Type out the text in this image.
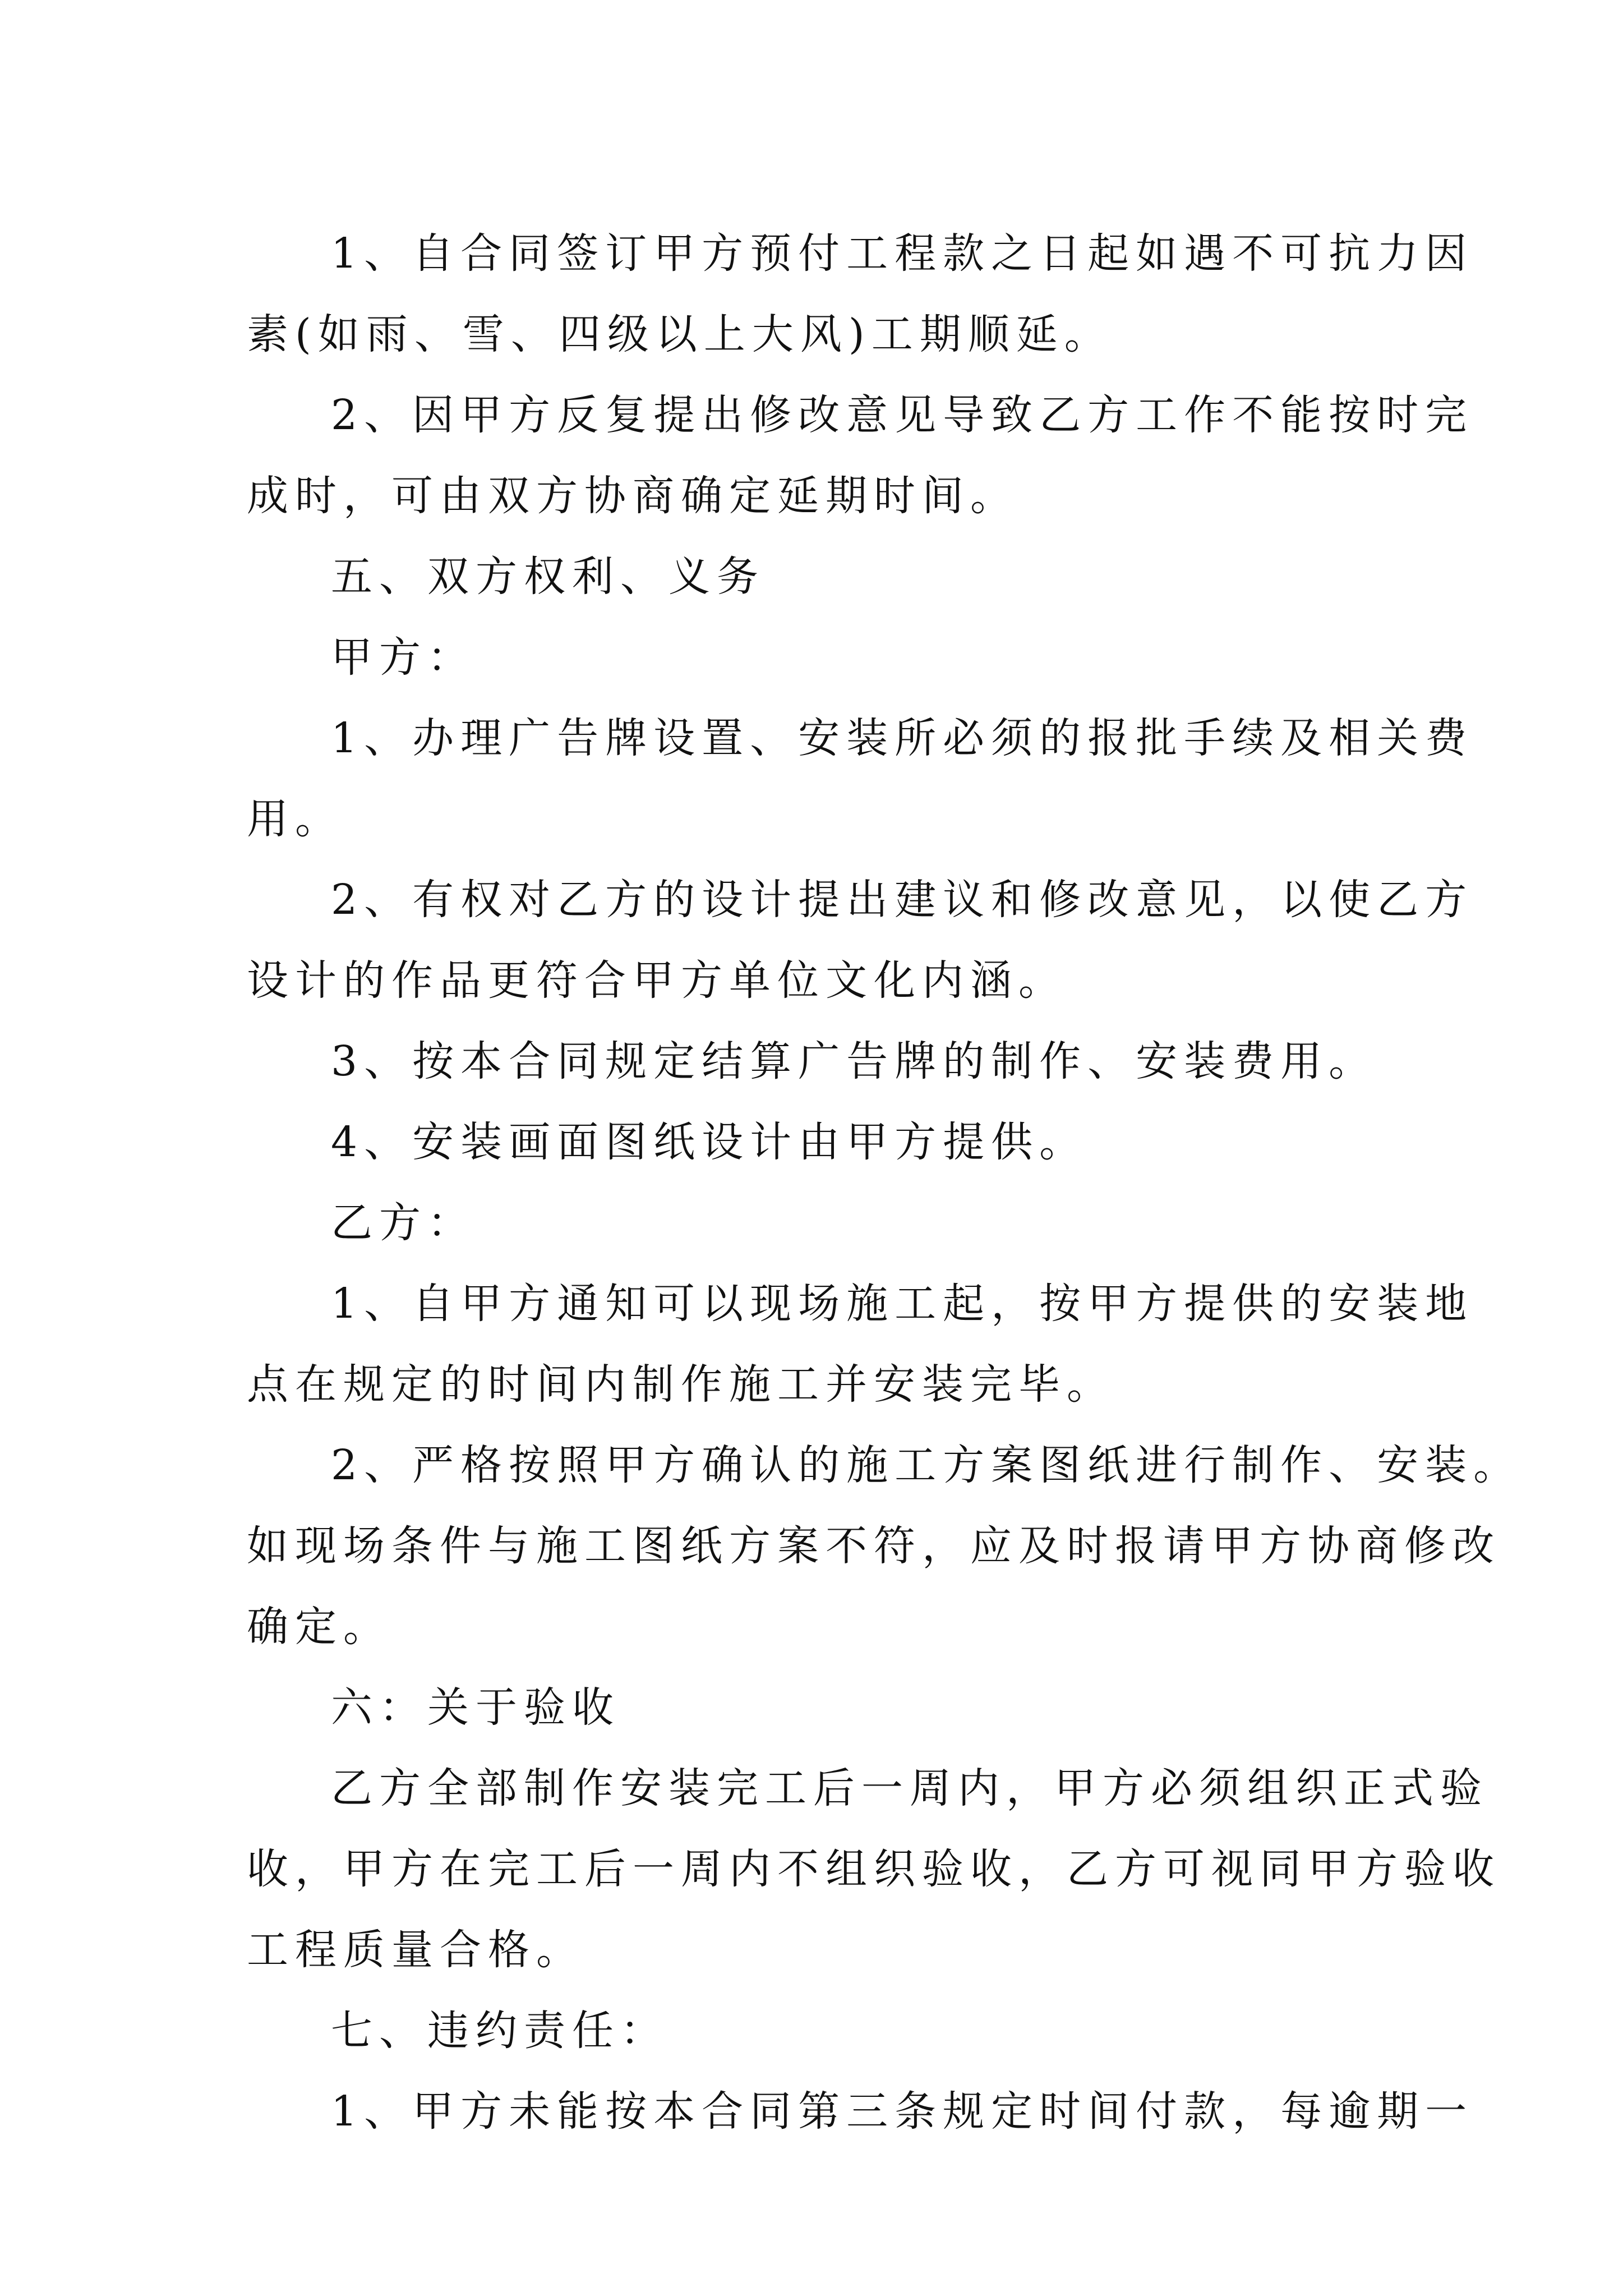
1、自合同签订甲方预付工程款之日起如遇不可抗力因
素(如雨、雪、四级以上大风)工期顺延。
2、因甲方反复提出修改意见导致乙方工作不能按时完
成时，可由双方协商确定延期时间。
五、双方权利、义务
甲方：
1、办理广告牌设置、安装所必须的报批手续及相关费
用。
2、有权对乙方的设计提出建议和修改意见，以使乙方
设计的作品更符合甲方单位文化内涵。
3、按本合同规定结算广告牌的制作、安装费用。
4、安装画面图纸设计由甲方提供。
乙方：
1、自甲方通知可以现场施工起，按甲方提供的安装地
点在规定的时间内制作施工并安装完毕。
2、严格按照甲方确认的施工方案图纸进行制作、安装。
如现场条件与施工图纸方案不符，应及时报请甲方协商修改
确定。
六：关于验收
乙方全部制作安装完工后一周内，甲方必须组织正式验
收，甲方在完工后一周内不组织验收，乙方可视同甲方验收
工程质量合格。
七、违约责任：
1、甲方未能按本合同第三条规定时间付款，每逾期一
